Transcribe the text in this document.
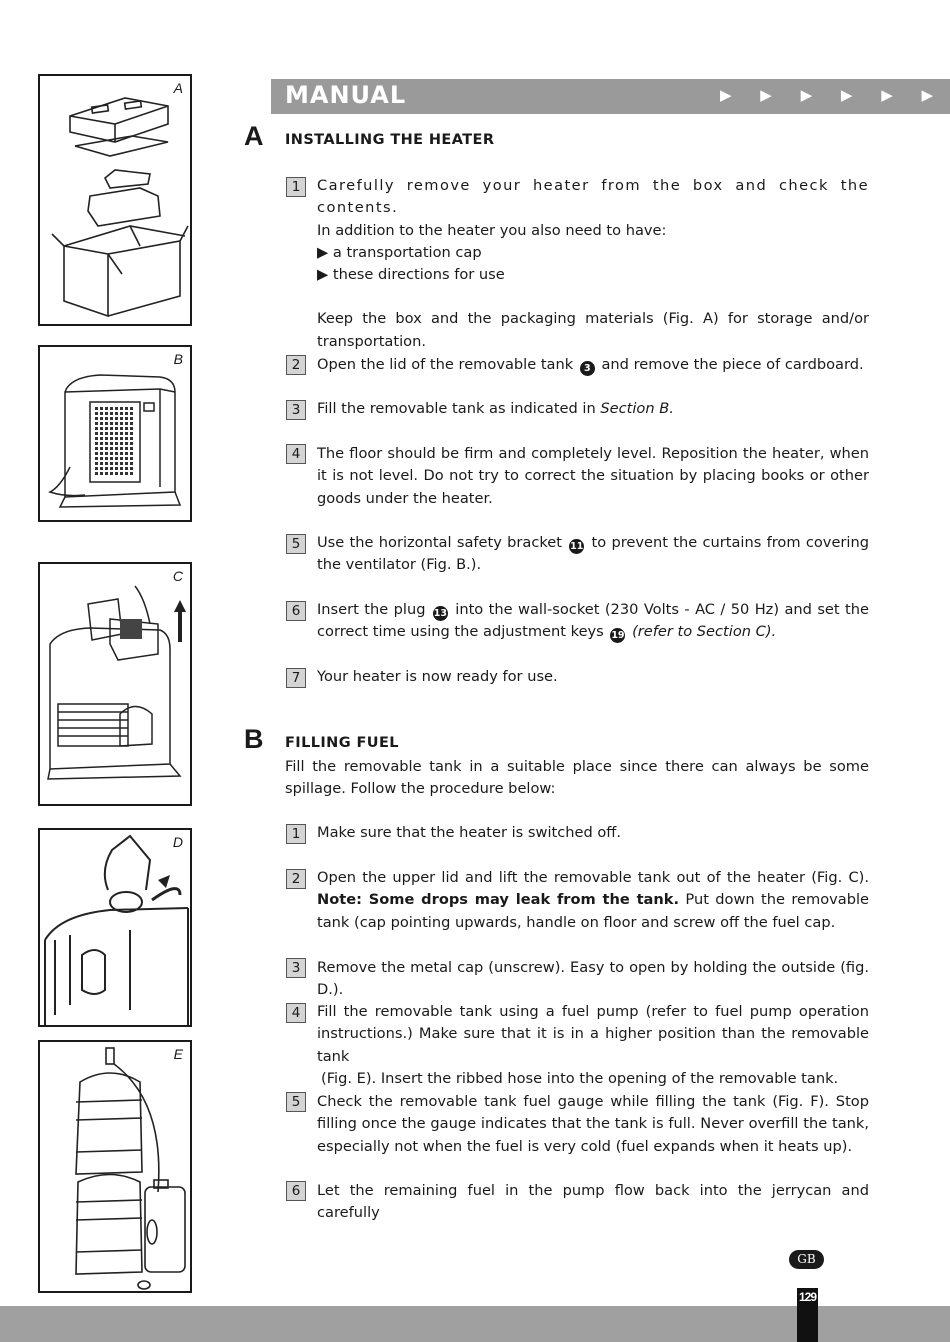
A
B
C
D
E
MANUAL	▶ ▶ ▶ ▶ ▶ ▶
A INSTALLING THE HEATER
1	Carefully remove your heater from the box and check the contents.
In addition to the heater you also need to have:
▶ a transportation cap
▶ these directions for use
Keep the box and the packaging materials (Fig. A) for storage and/or transportation.
2	Open the lid of the removable tank 3 and remove the piece of cardboard.
3	Fill the removable tank as indicated in Section B.
4	The floor should be firm and completely level. Reposition the heater, when it is not level. Do not try to correct the situation by placing books or other goods under the heater.
5	Use the horizontal safety bracket 11 to prevent the curtains from covering the ventilator (Fig. B.).
6	Insert the plug 13 into the wall-socket (230 Volts - AC / 50 Hz) and set the correct time using the adjustment keys 19 (refer to Section C).
7	Your heater is now ready for use.
B FILLING FUEL
Fill the removable tank in a suitable place since there can always be some spillage. Follow the procedure below:
1	Make sure that the heater is switched off.
2	Open the upper lid and lift the removable tank out of the heater (Fig. C). Note: Some drops may leak from the tank. Put down the removable tank (cap pointing upwards, handle on floor and screw off the fuel cap.
3	Remove the metal cap (unscrew). Easy to open by holding the outside (fig. D.).
4	Fill the removable tank using a fuel pump (refer to fuel pump operation instructions.) Make sure that it is in a higher position than the removable tank
(Fig. E). Insert the ribbed hose into the opening of the removable tank.
5	Check the removable tank fuel gauge while filling the tank (Fig. F). Stop filling once the gauge indicates that the tank is full. Never overfill the tank, especially not when the fuel is very cold (fuel expands when it heats up).
6	Let the remaining fuel in the pump flow back into the jerrycan and carefully
GB
129
